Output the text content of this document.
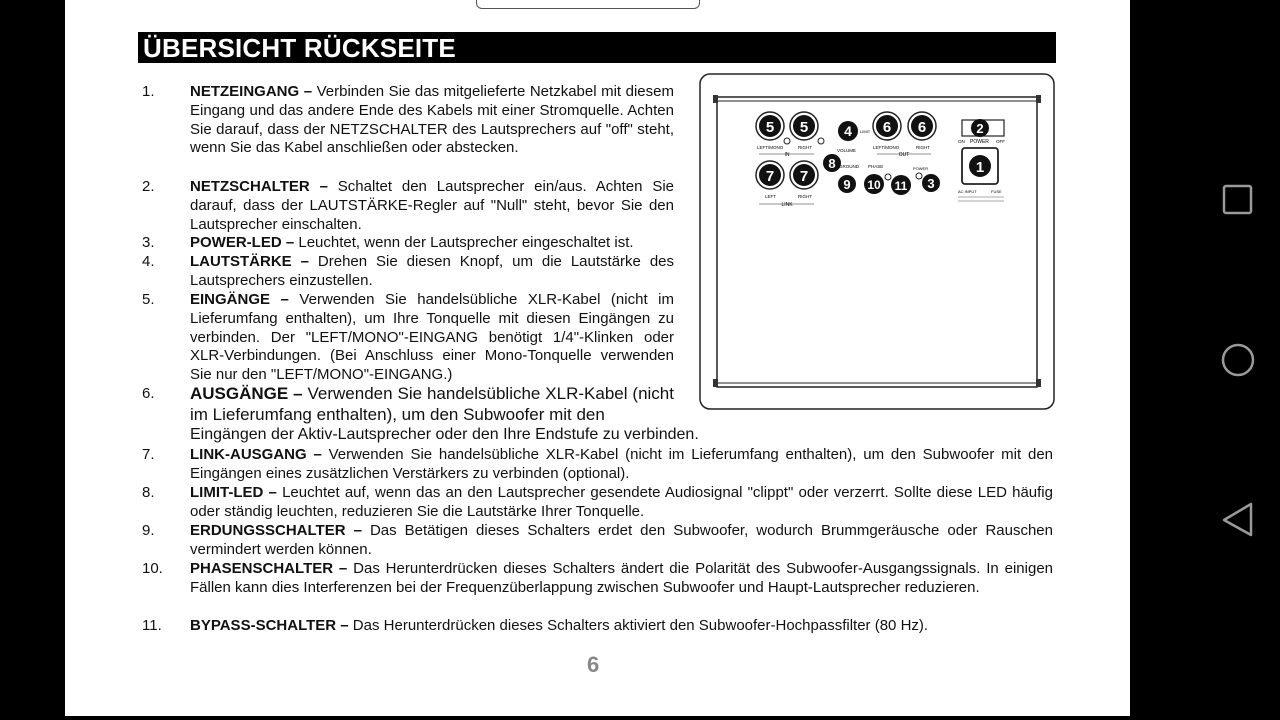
ÜBERSICHT RÜCKSEITE
5 5
LEFT/MONO	RIGHT
IN
4 LIMIT
VOLUME
6 6
LEFT/MONO	RIGHT
OUT
2
ON POWER OFF
8 GROUND PHASE	POWER	1
AC INPUT	FUSE
7 7
LEFT	RIGHT
LINK
9 10 11 3
1.	NETZEINGANG – Verbinden Sie das mitgelieferte Netzkabel mit diesem Eingang und das andere Ende des Kabels mit einer Stromquelle. Achten Sie darauf, dass der NETZSCHALTER des Lautsprechers auf "off" steht, wenn Sie das Kabel anschließen oder abstecken.
2.	NETZSCHALTER – Schaltet den Lautsprecher ein/aus. Achten Sie darauf, dass der LAUTSTÄRKE-Regler auf "Null" steht, bevor Sie den Lautsprecher einschalten.
3.	POWER-LED – Leuchtet, wenn der Lautsprecher eingeschaltet ist.
4.	LAUTSTÄRKE – Drehen Sie diesen Knopf, um die Lautstärke des Lautsprechers einzustellen.
5.	EINGÄNGE – Verwenden Sie handelsübliche XLR-Kabel (nicht im Lieferumfang enthalten), um Ihre Tonquelle mit diesen Eingängen zu verbinden. Der "LEFT/MONO"-EINGANG benötigt 1/4"-Klinken oder XLR-Verbindungen. (Bei Anschluss einer Mono-Tonquelle verwenden Sie nur den "LEFT/MONO"-EINGANG.)
6.	AUSGÄNGE – Verwenden Sie handelsübliche XLR-Kabel (nicht im Lieferumfang enthalten), um den Subwoofer mit den
Eingängen der Aktiv-Lautsprecher oder den Ihre Endstufe zu verbinden.
7.	LINK-AUSGANG – Verwenden Sie handelsübliche XLR-Kabel (nicht im Lieferumfang enthalten), um den Subwoofer mit den Eingängen eines zusätzlichen Verstärkers zu verbinden (optional).
8.	LIMIT-LED – Leuchtet auf, wenn das an den Lautsprecher gesendete Audiosignal "clippt" oder verzerrt. Sollte diese LED häufig oder ständig leuchten, reduzieren Sie die Lautstärke Ihrer Tonquelle.
9.	ERDUNGSSCHALTER – Das Betätigen dieses Schalters erdet den Subwoofer, wodurch Brummgeräusche oder Rauschen vermindert werden können.
10.	PHASENSCHALTER – Das Herunterdrücken dieses Schalters ändert die Polarität des Subwoofer-Ausgangssignals. In einigen Fällen kann dies Interferenzen bei der Frequenzüberlappung zwischen Subwoofer und Haupt-Lautsprecher reduzieren.
11.	BYPASS-SCHALTER – Das Herunterdrücken dieses Schalters aktiviert den Subwoofer-Hochpassfilter (80 Hz).
6
